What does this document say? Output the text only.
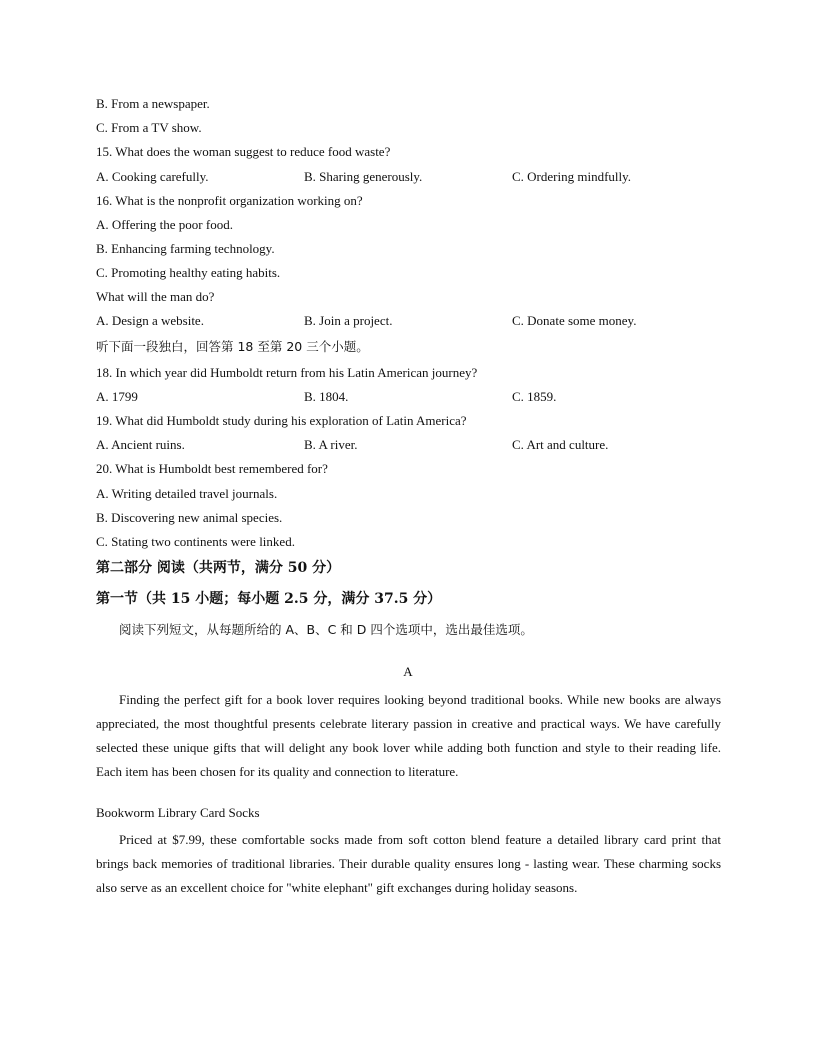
B. From a newspaper.
C. From a TV show.
15. What does the woman suggest to reduce food waste?
A. Cooking carefully.	B. Sharing generously.	C. Ordering mindfully.
16. What is the nonprofit organization working on?
A. Offering the poor food.
B. Enhancing farming technology.
C. Promoting healthy eating habits.
What will the man do?
A. Design a website.	B. Join a project.	C. Donate some money.
听下面一段独白，回答第 18 至第 20 三个小题。
18. In which year did Humboldt return from his Latin American journey?
A. 1799	B. 1804.	C. 1859.
19. What did Humboldt study during his exploration of Latin America?
A. Ancient ruins.	B. A river.	C. Art and culture.
20. What is Humboldt best remembered for?
A. Writing detailed travel journals.
B. Discovering new animal species.
C. Stating two continents were linked.
第二部分 阅读（共两节，满分 50 分）
第一节（共 15 小题；每小题 2.5 分，满分 37.5 分）
阅读下列短文，从每题所给的 A、B、C 和 D 四个选项中，选出最佳选项。
A
Finding the perfect gift for a book lover requires looking beyond traditional books. While new books are always appreciated, the most thoughtful presents celebrate literary passion in creative and practical ways. We have carefully selected these unique gifts that will delight any book lover while adding both function and style to their reading life. Each item has been chosen for its quality and connection to literature.
Bookworm Library Card Socks
Priced at $7.99, these comfortable socks made from soft cotton blend feature a detailed library card print that brings back memories of traditional libraries. Their durable quality ensures long - lasting wear. These charming socks also serve as an excellent choice for "white elephant" gift exchanges during holiday seasons.
